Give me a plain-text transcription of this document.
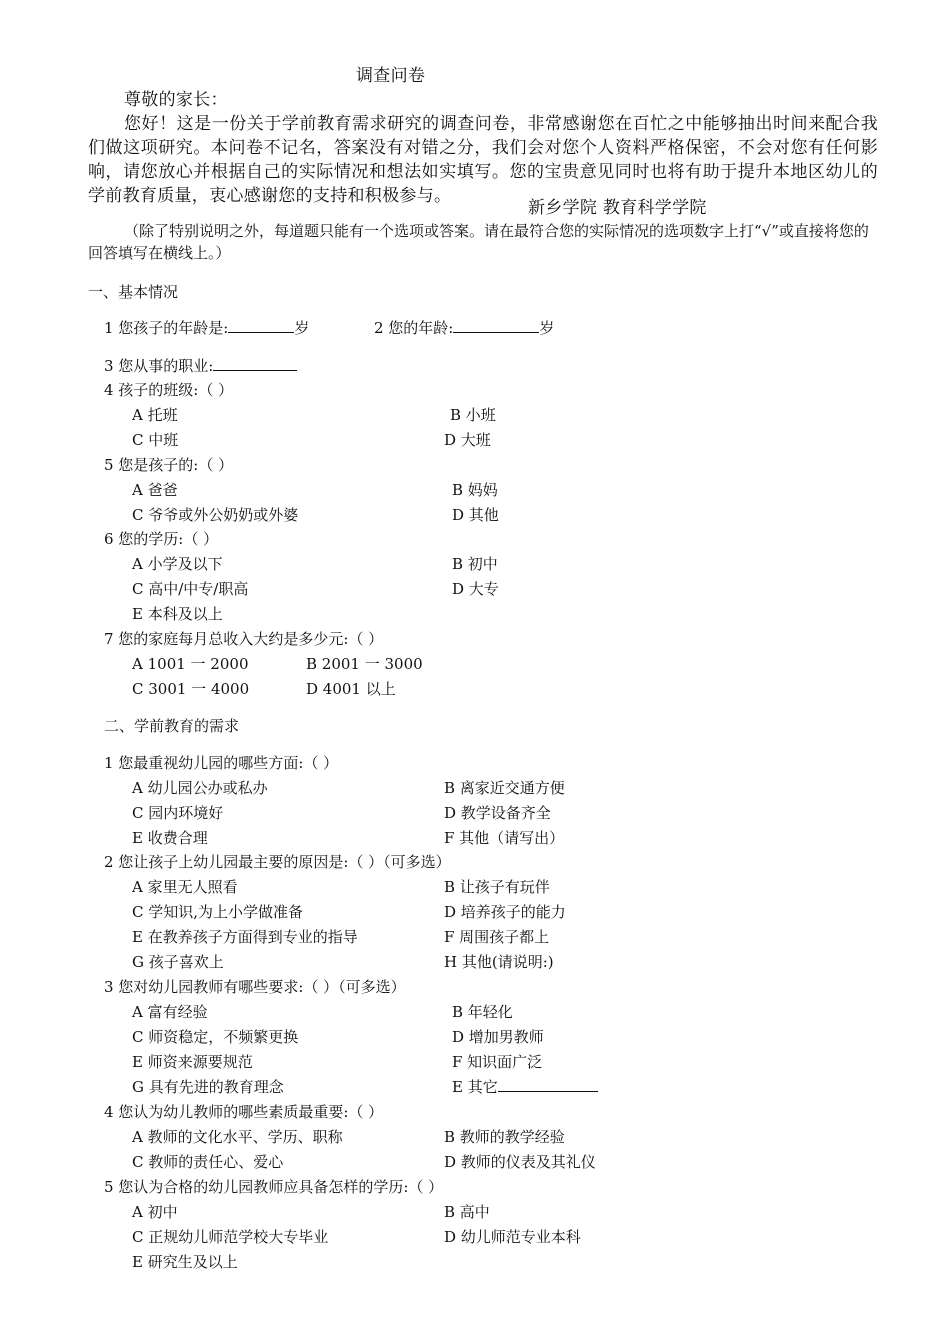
调查问卷
尊敬的家长：
您好！这是一份关于学前教育需求研究的调查问卷，非常感谢您在百忙之中能够抽出时间来配合我们做这项研究。本问卷不记名，答案没有对错之分，我们会对您个人资料严格保密，不会对您有任何影响，请您放心并根据自己的实际情况和想法如实填写。您的宝贵意见同时也将有助于提升本地区幼儿的学前教育质量，衷心感谢您的支持和积极参与。
新乡学院 教育科学学院
（除了特别说明之外，每道题只能有一个选项或答案。请在最符合您的实际情况的选项数字上打“√”或直接将您的回答填写在横线上。）
一、基本情况
1 您孩子的年龄是:	岁	2 您的年龄:	岁
3 您从事的职业:
4 孩子的班级:（ ）
A 托班	B 小班
C 中班	D 大班
5 您是孩子的:（ ）
A 爸爸	B 妈妈
C 爷爷或外公奶奶或外婆	D 其他
6 您的学历:（ ）
A 小学及以下	B 初中
C 高中/中专/职高	D 大专
E 本科及以上
7 您的家庭每月总收入大约是多少元:（ ）
A 1001 一 2000	B 2001 一 3000
C 3001 一 4000	D 4001 以上
二、学前教育的需求
1 您最重视幼儿园的哪些方面:（ ）
A 幼儿园公办或私办	B 离家近交通方便
C 园内环境好	D 教学设备齐全
E 收费合理	F 其他（请写出）
2 您让孩子上幼儿园最主要的原因是:（ ）（可多选）
A 家里无人照看	B 让孩子有玩伴
C 学知识,为上小学做准备	D 培养孩子的能力
E 在教养孩子方面得到专业的指导	F 周围孩子都上
G 孩子喜欢上	H 其他(请说明:)
3 您对幼儿园教师有哪些要求:（ ）（可多选）
A 富有经验	B 年轻化
C 师资稳定，不频繁更换	D 增加男教师
E 师资来源要规范	F 知识面广泛
G 具有先进的教育理念	E 其它
4 您认为幼儿教师的哪些素质最重要:（ ）
A 教师的文化水平、学历、职称	B 教师的教学经验
C 教师的责任心、爱心	D 教师的仪表及其礼仪
5 您认为合格的幼儿园教师应具备怎样的学历:（ ）
A 初中	B 高中
C 正规幼儿师范学校大专毕业	D 幼儿师范专业本科
E 研究生及以上
